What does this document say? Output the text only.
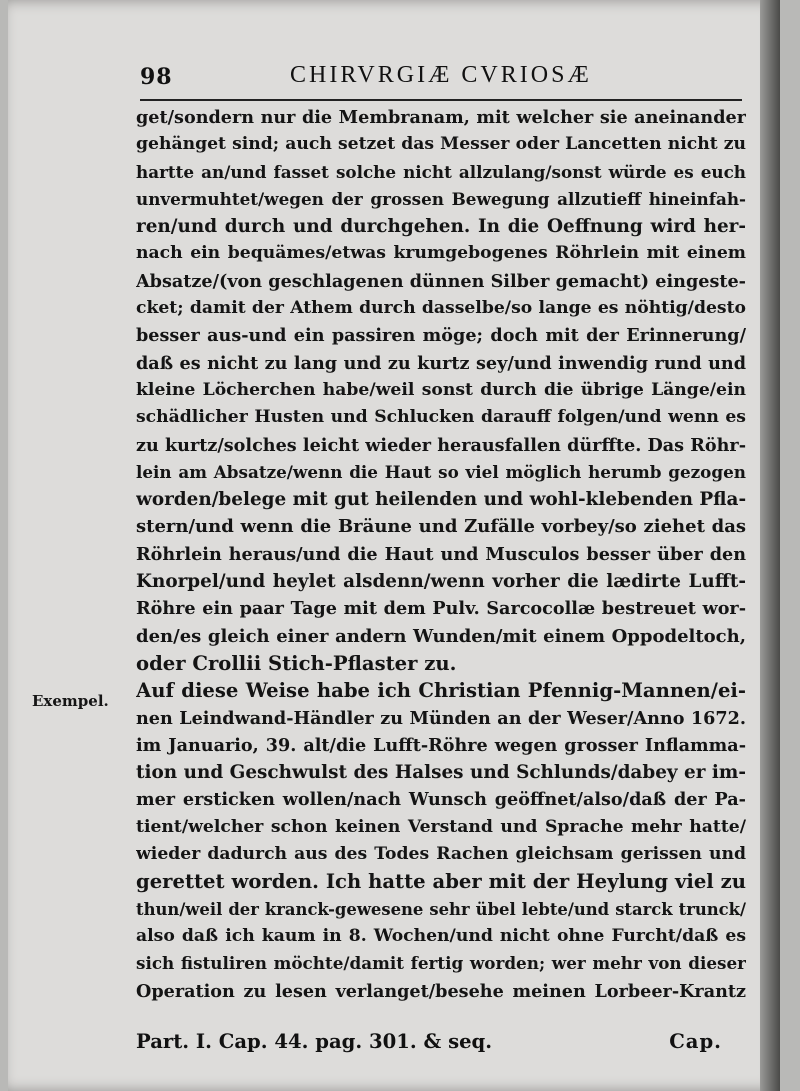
98	CHIRVRGIÆ CVRIOSÆ
Exempel.
get/sondern nur die Membranam, mit welcher sie aneinander
gehänget sind; auch setzet das Messer oder Lancetten nicht zu
hartte an/und fasset solche nicht allzulang/sonst würde es euch
unvermuhtet/wegen der grossen Bewegung allzutieff hineinfah-
ren/und durch und durchgehen. In die Oeffnung wird her-
nach ein bequämes/etwas krumgebogenes Röhrlein mit einem
Absatze/(von geschlagenen dünnen Silber gemacht) eingeste-
cket; damit der Athem durch dasselbe/so lange es nöhtig/desto
besser aus-und ein passiren möge; doch mit der Erinnerung/
daß es nicht zu lang und zu kurtz sey/und inwendig rund und
kleine Löcherchen habe/weil sonst durch die übrige Länge/ein
schädlicher Husten und Schlucken darauff folgen/und wenn es
zu kurtz/solches leicht wieder herausfallen dürffte. Das Röhr-
lein am Absatze/wenn die Haut so viel möglich herumb gezogen
worden/belege mit gut heilenden und wohl-klebenden Pfla-
stern/und wenn die Bräune und Zufälle vorbey/so ziehet das
Röhrlein heraus/und die Haut und Musculos besser über den
Knorpel/und heylet alsdenn/wenn vorher die lædirte Lufft-
Röhre ein paar Tage mit dem Pulv. Sarcocollæ bestreuet wor-
den/es gleich einer andern Wunden/mit einem Oppodeltoch,
oder Crollii Stich-Pflaster zu.
Auf diese Weise habe ich Christian Pfennig-Mannen/ei-
nen Leindwand-Händler zu Münden an der Weser/Anno 1672.
im Januario, 39. alt/die Lufft-Röhre wegen grosser Inflamma-
tion und Geschwulst des Halses und Schlunds/dabey er im-
mer ersticken wollen/nach Wunsch geöffnet/also/daß der Pa-
tient/welcher schon keinen Verstand und Sprache mehr hatte/
wieder dadurch aus des Todes Rachen gleichsam gerissen und
gerettet worden. Ich hatte aber mit der Heylung viel zu
thun/weil der kranck-gewesene sehr übel lebte/und starck trunck/
also daß ich kaum in 8. Wochen/und nicht ohne Furcht/daß es
sich fistuliren möchte/damit fertig worden; wer mehr von dieser
Operation zu lesen verlanget/besehe meinen Lorbeer-Krantz
Part. I. Cap. 44. pag. 301. & seq.	Cap.
